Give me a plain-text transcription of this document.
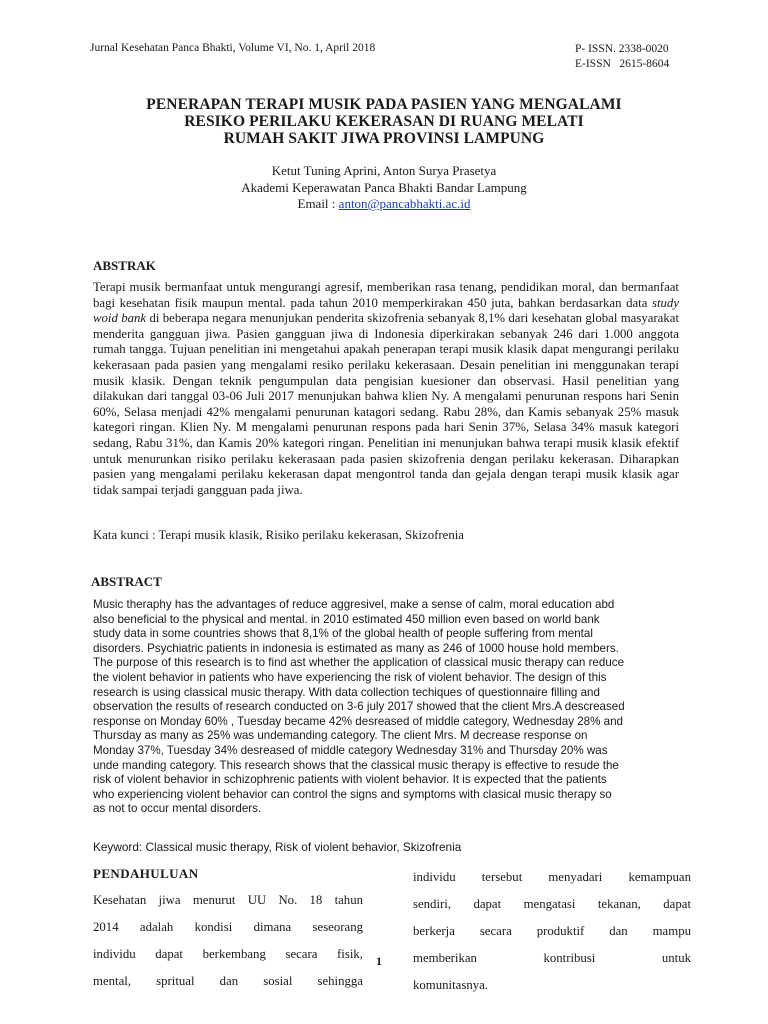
Jurnal Kesehatan Panca Bhakti, Volume VI, No. 1, April 2018	P- ISSN. 2338-0020
E-ISSN   2615-8604
PENERAPAN TERAPI MUSIK PADA PASIEN YANG MENGALAMI
RESIKO PERILAKU KEKERASAN DI RUANG MELATI
RUMAH SAKIT JIWA PROVINSI LAMPUNG
Ketut Tuning Aprini, Anton Surya Prasetya
Akademi Keperawatan Panca Bhakti Bandar Lampung
Email : anton@pancabhakti.ac.id
ABSTRAK
Terapi musik bermanfaat untuk mengurangi agresif, memberikan rasa tenang, pendidikan moral, dan bermanfaat bagi kesehatan fisik maupun mental. pada tahun 2010 memperkirakan 450 juta, bahkan berdasarkan data study woid bank di beberapa negara menunjukan penderita skizofrenia sebanyak 8,1% dari kesehatan global masyarakat menderita gangguan jiwa. Pasien gangguan jiwa di Indonesia diperkirakan sebanyak 246 dari 1.000 anggota rumah tangga. Tujuan penelitian ini mengetahui apakah penerapan terapi musik klasik dapat mengurangi perilaku kekerasaan pada pasien yang mengalami resiko perilaku kekerasaan. Desain penelitian ini menggunakan terapi musik klasik. Dengan teknik pengumpulan data pengisian kuesioner dan observasi. Hasil penelitian yang dilakukan dari tanggal 03-06 Juli 2017 menunjukan bahwa klien Ny. A mengalami penurunan respons hari Senin 60%, Selasa menjadi 42% mengalami penurunan katagori sedang. Rabu 28%, dan Kamis sebanyak 25% masuk kategori ringan. Klien Ny. M mengalami penurunan respons pada hari Senin 37%, Selasa 34% masuk kategori sedang, Rabu 31%, dan Kamis 20% kategori ringan. Penelitian ini menunjukan bahwa terapi musik klasik efektif untuk menurunkan risiko perilaku kekerasaan pada pasien skizofrenia dengan perilaku kekerasan. Diharapkan pasien yang mengalami perilaku kekerasan dapat mengontrol tanda dan gejala dengan terapi musik klasik agar tidak sampai terjadi gangguan pada jiwa.
Kata kunci : Terapi musik klasik, Risiko perilaku kekerasan, Skizofrenia
ABSTRACT
Music theraphy has the advantages of reduce aggresivel, make a sense of calm, moral education abd
also beneficial to the physical and mental. in 2010 estimated 450 million even based on world bank
study data in some countries shows that 8,1% of the global health of people suffering from mental
disorders. Psychiatric patients in indonesia is estimated as many as 246 of 1000 house hold members.
The purpose of this research is to find ast whether the application of classical music therapy can reduce
the violent behavior in patients who have experiencing the risk of violent behavior. The design of this
research is using classical music therapy. With data collection techiques of questionnaire filling and
observation the results of research conducted on 3-6 july 2017 showed that the client Mrs.A descreased
response on Monday 60% , Tuesday became 42% desreased of middle category, Wednesday 28% and
Thursday as many as 25% was undemanding category. The client Mrs. M decrease response on
Monday 37%, Tuesday 34% desreased of middle category Wednesday 31% and Thursday 20% was
unde manding category. This research shows that the classical music therapy is effective to resude the
risk of violent behavior in schizophrenic patients with violent behavior. It is expected that the patients
who experiencing violent behavior can control the signs and symptoms with clasical music therapy so
as not to occur mental disorders.
Keyword: Classical music therapy, Risk of violent behavior, Skizofrenia
PENDAHULUAN
Kesehatan jiwa menurut UU No. 18 tahun
2014 adalah kondisi dimana seseorang
individu dapat berkembang secara fisik,
mental, spritual dan sosial sehingga
individu tersebut menyadari kemampuan
sendiri, dapat mengatasi tekanan, dapat
berkerja secara produktif dan mampu
memberikan kontribusi untuk
komunitasnya.
1
